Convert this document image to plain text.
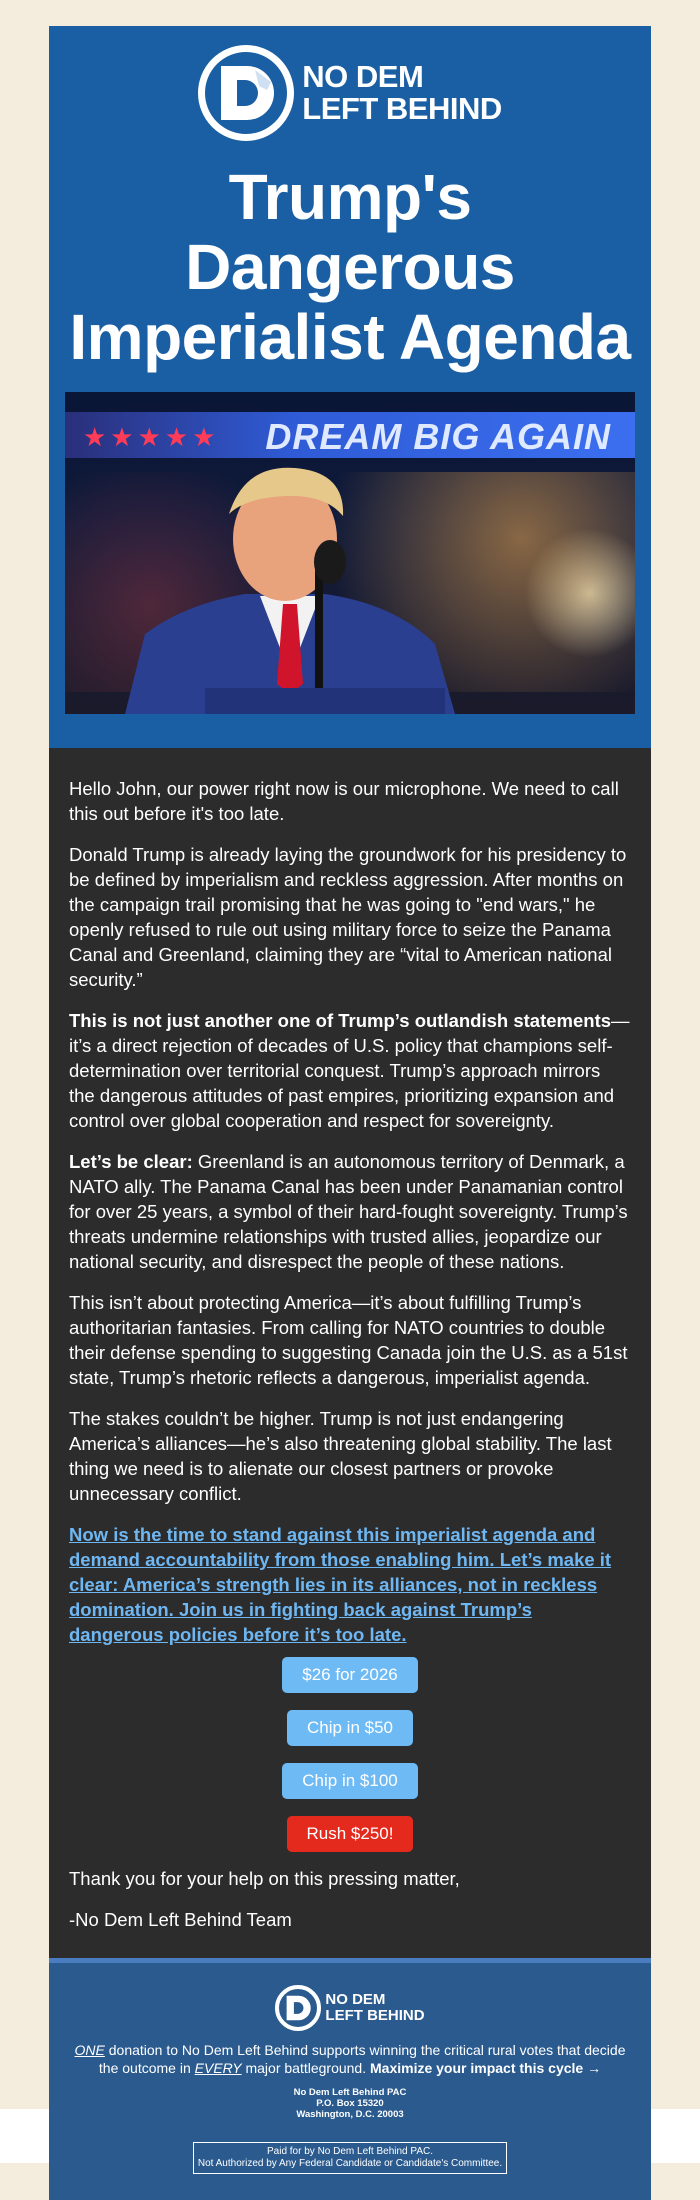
NO DEM
LEFT BEHIND
Trump's Dangerous
Imperialist Agenda
★★★★★ DREAM BIG AGAIN

Hello John, our power right now is our microphone. We need to call this out before it's too late.

Donald Trump is already laying the groundwork for his presidency to be defined by imperialism and reckless aggression. After months on the campaign trail promising that he was going to "end wars," he openly refused to rule out using military force to seize the Panama Canal and Greenland, claiming they are “vital to American national security.”

This is not just another one of Trump’s outlandish statements—it’s a direct rejection of decades of U.S. policy that champions self-determination over territorial conquest. Trump’s approach mirrors the dangerous attitudes of past empires, prioritizing expansion and control over global cooperation and respect for sovereignty.

Let’s be clear: Greenland is an autonomous territory of Denmark, a NATO ally. The Panama Canal has been under Panamanian control for over 25 years, a symbol of their hard-fought sovereignty. Trump’s threats undermine relationships with trusted allies, jeopardize our national security, and disrespect the people of these nations.

This isn’t about protecting America—it’s about fulfilling Trump’s authoritarian fantasies. From calling for NATO countries to double their defense spending to suggesting Canada join the U.S. as a 51st state, Trump’s rhetoric reflects a dangerous, imperialist agenda.

The stakes couldn’t be higher. Trump is not just endangering America’s alliances—he’s also threatening global stability. The last thing we need is to alienate our closest partners or provoke unnecessary conflict.

Now is the time to stand against this imperialist agenda and demand accountability from those enabling him. Let’s make it clear: America’s strength lies in its alliances, not in reckless domination. Join us in fighting back against Trump’s dangerous policies before it’s too late.

$26 for 2026
Chip in $50
Chip in $100
Rush $250!

Thank you for your help on this pressing matter,

-No Dem Left Behind Team

NO DEM
LEFT BEHIND

ONE donation to No Dem Left Behind supports winning the critical rural votes that decide the outcome in EVERY major battleground. Maximize your impact this cycle →

No Dem Left Behind PAC
P.O. Box 15320
Washington, D.C. 20003
Paid for by No Dem Left Behind PAC.
Not Authorized by Any Federal Candidate or Candidate's Committee.
